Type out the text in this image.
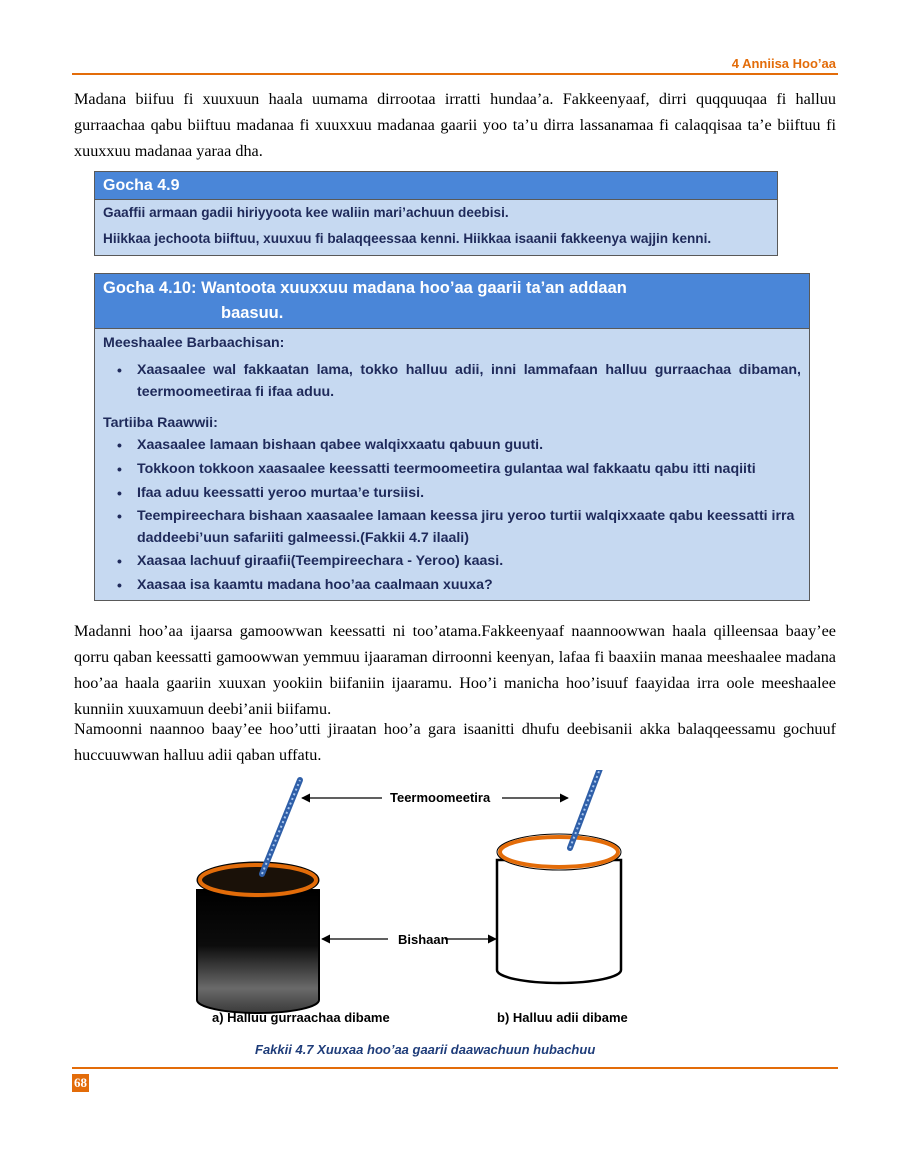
4 Anniisa Hoo’aa

Madana biifuu fi xuuxuun haala uumama dirrootaa irratti hundaa’a. Fakkeenyaaf, dirri quqquuqaa fi halluu gurraachaa qabu biiftuu madanaa fi xuuxxuu madanaa gaarii yoo ta’u dirra lassanamaa fi calaqqisaa ta’e biiftuu fi xuuxxuu madanaa yaraa dha.

Gocha 4.9
Gaaffii armaan gadii hiriyyoota kee waliin mari’achuun deebisi.
Hiikkaa jechoota biiftuu, xuuxuu fi balaqqeessaa kenni. Hiikkaa isaanii fakkeenya wajjin kenni.
Gocha 4.10: Wantoota xuuxxuu madana hoo’aa gaarii ta’an addaan
baasuu.
Meeshaalee Barbaachisan:
• Xaasaalee wal fakkaatan lama, tokko halluu adii, inni lammafaan halluu gurraachaa dibaman, teermoomeetiraa fi ifaa aduu.
Tartiiba Raawwii:
• Xaasaalee lamaan bishaan qabee walqixxaatu qabuun guuti.
• Tokkoon tokkoon xaasaalee keessatti teermoomeetira gulantaa wal fakkaatu qabu itti naqiiti
• Ifaa aduu keessatti yeroo murtaa’e tursiisi.
• Teempireechara bishaan xaasaalee lamaan keessa jiru yeroo turtii walqixxaate qabu keessatti irra daddeebi’uun safariiti galmeessi.(Fakkii 4.7 ilaali)
• Xaasaa lachuuf giraafii(Teempireechara - Yeroo) kaasi.
• Xaasaa isa kaamtu madana hoo’aa caalmaan xuuxa?

Madanni hoo’aa ijaarsa gamoowwan keessatti ni too’atama.Fakkeenyaaf naannoowwan haala qilleensaa baay’ee qorru qaban keessatti gamoowwan yemmuu ijaaraman dirroonni keenyan, lafaa fi baaxiin manaa meeshaalee madana hoo’aa haala gaariin xuuxan yookiin biifaniin ijaaramu. Hoo’i manicha hoo’isuuf faayidaa irra oole meeshaalee kunniin xuuxamuun deebi’anii biifamu.

Namoonni naannoo baay’ee hoo’utti jiraatan hoo’a gara isaanitti dhufu deebisanii akka balaqqeessamu gochuuf huccuuwwan halluu adii qaban uffatu.

Teermoomeetira
Bishaan
a) Halluu gurraachaa dibame	b) Halluu adii dibame
Fakkii 4.7 Xuuxaa hoo’aa gaarii daawachuun hubachuu
68
